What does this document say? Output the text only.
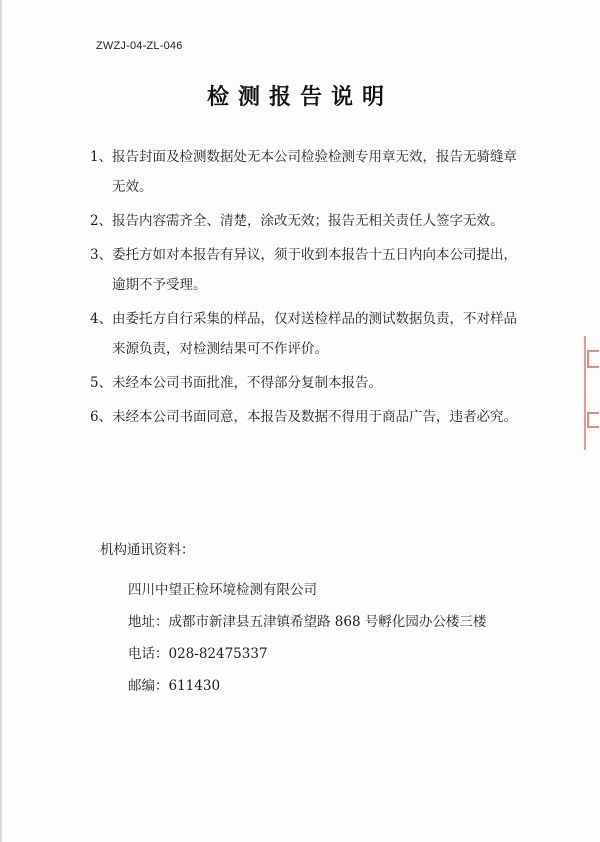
ZWZJ-04-ZL-046
检测报告说明
1、 报告封面及检测数据处无本公司检验检测专用章无效，报告无骑缝章无效。
2、 报告内容需齐全、清楚，涂改无效；报告无相关责任人签字无效。
3、 委托方如对本报告有异议，须于收到本报告十五日内向本公司提出，逾期不予受理。
4、 由委托方自行采集的样品，仅对送检样品的测试数据负责，不对样品来源负责，对检测结果可不作评价。
5、 未经本公司书面批准，不得部分复制本报告。
6、 未经本公司书面同意，本报告及数据不得用于商品广告，违者必究。
机构通讯资料：
四川中望正检环境检测有限公司
地址：成都市新津县五津镇希望路 868 号孵化园办公楼三楼
电话：028-82475337
邮编：611430
